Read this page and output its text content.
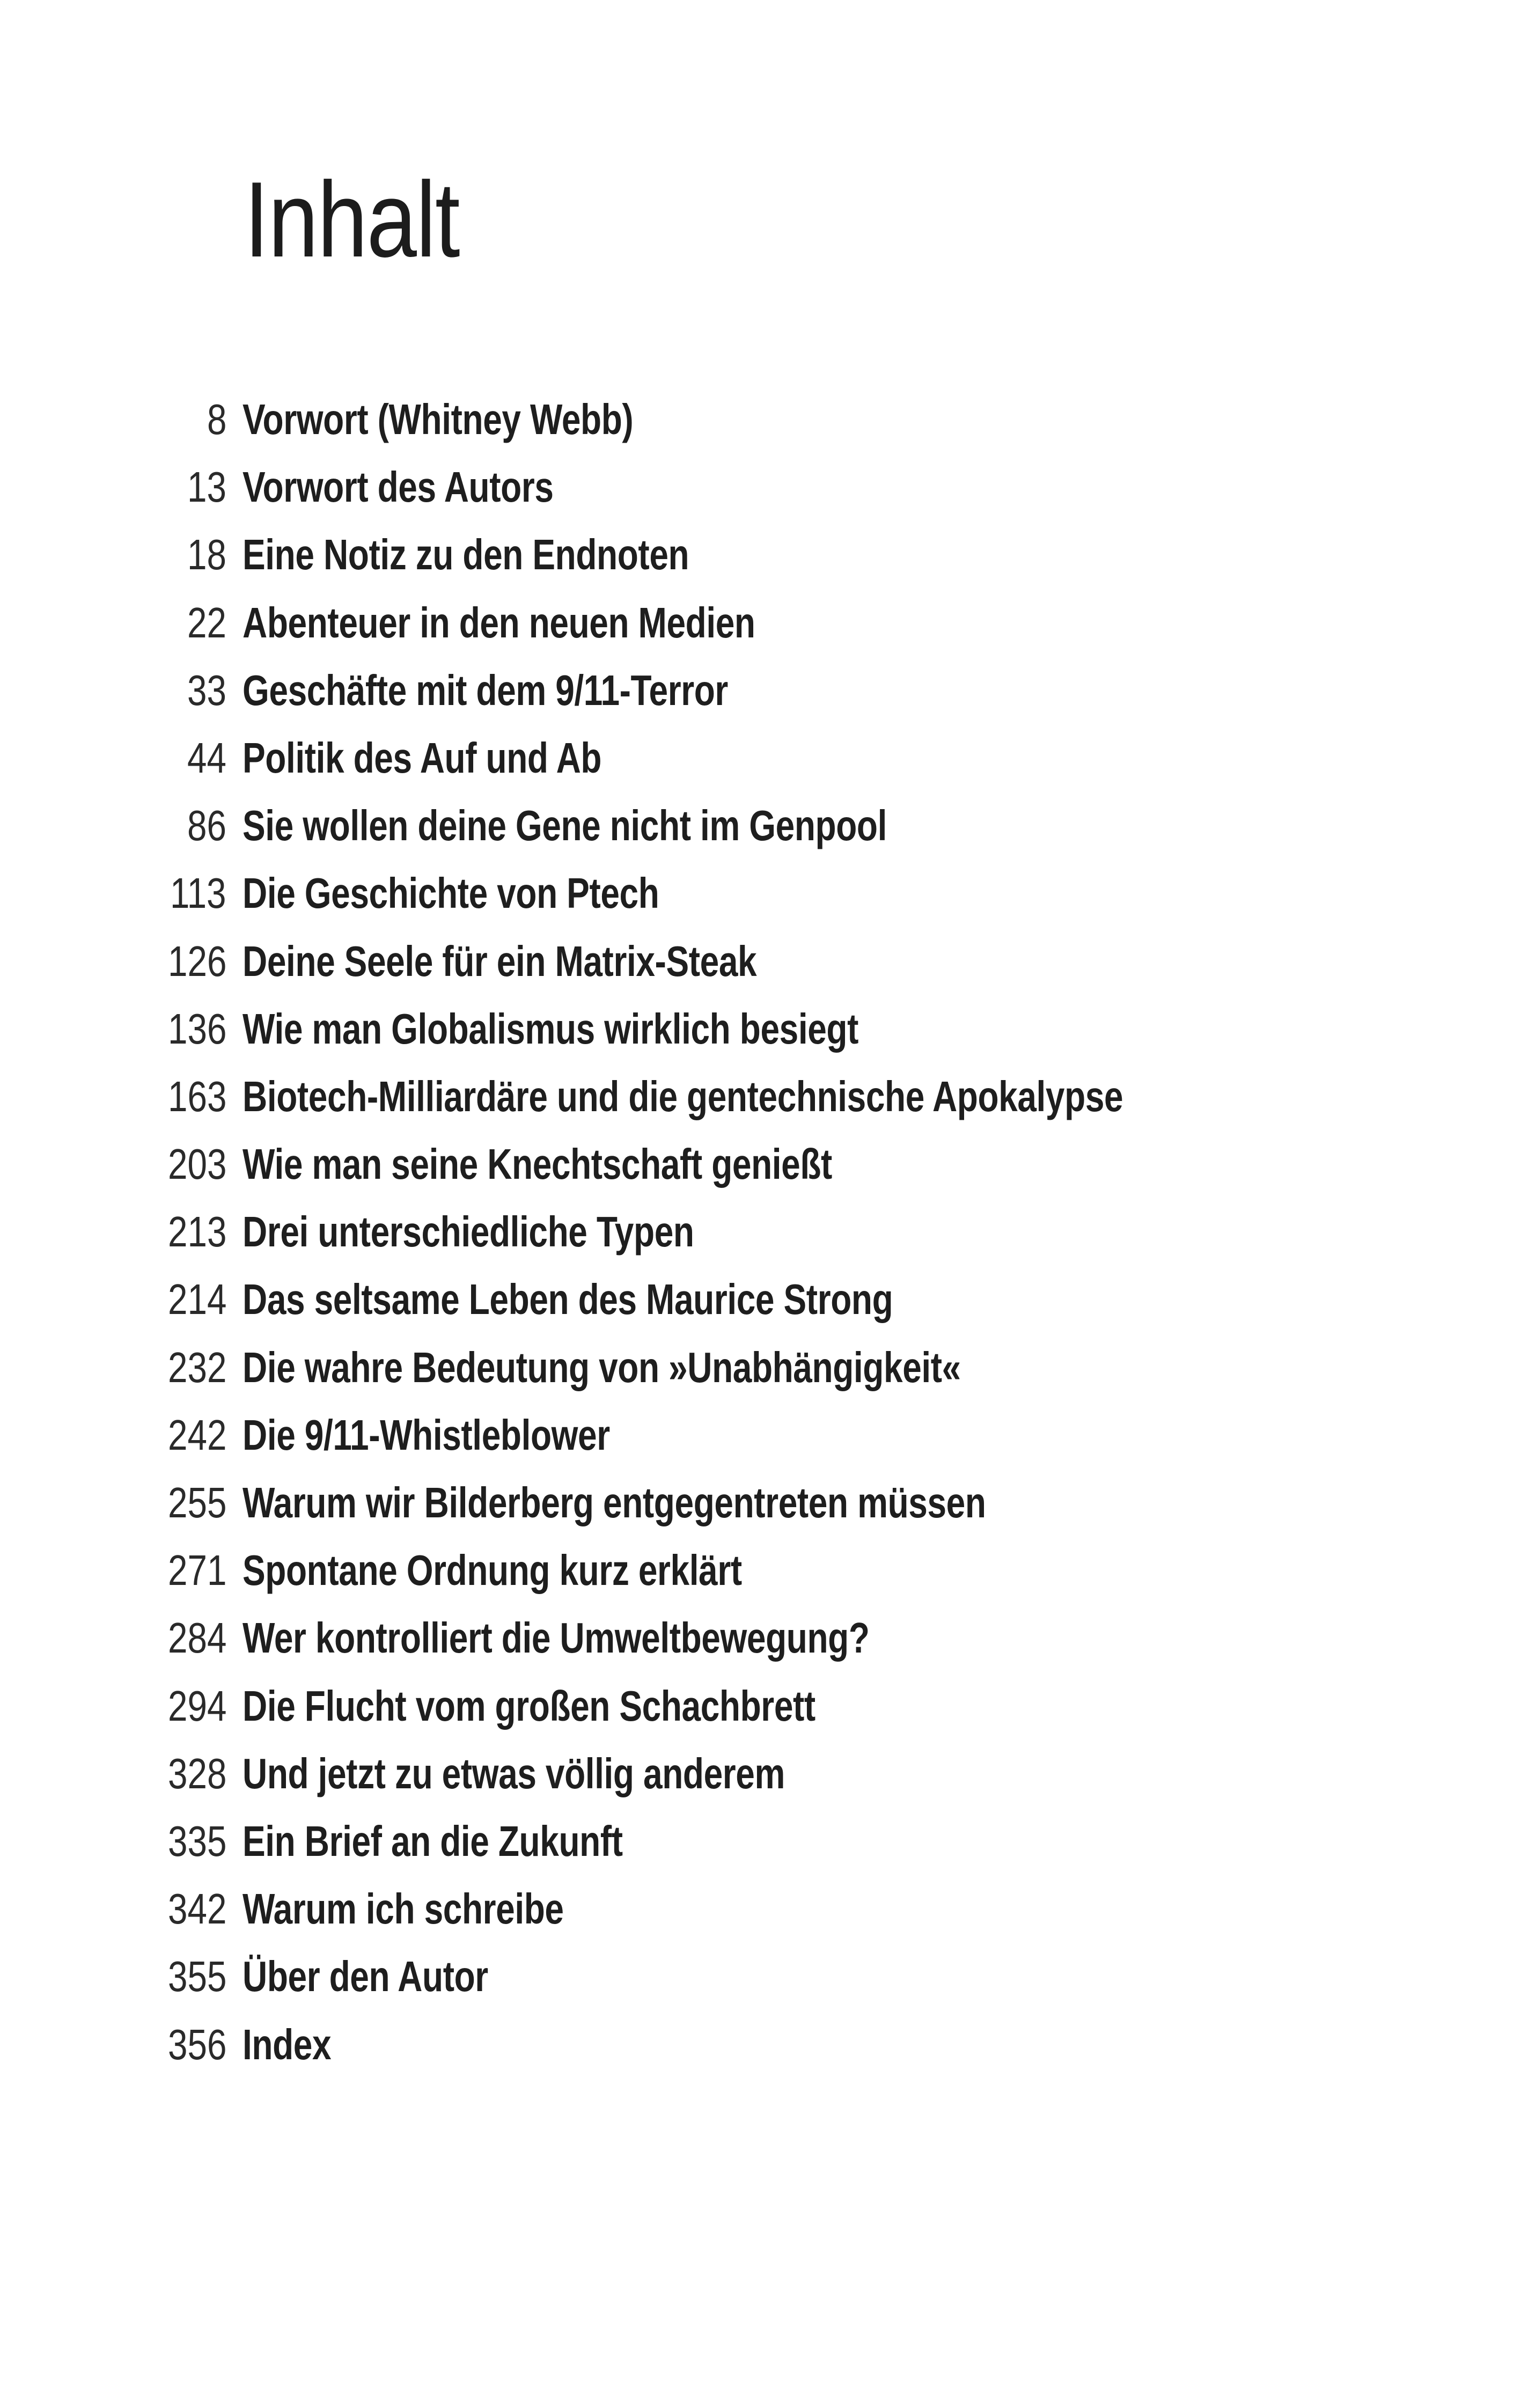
Inhalt
8 Vorwort (Whitney Webb)
13 Vorwort des Autors
18 Eine Notiz zu den Endnoten
22 Abenteuer in den neuen Medien
33 Geschäfte mit dem 9/11-Terror
44 Politik des Auf und Ab
86 Sie wollen deine Gene nicht im Genpool
113 Die Geschichte von Ptech
126 Deine Seele für ein Matrix-Steak
136 Wie man Globalismus wirklich besiegt
163 Biotech-Milliardäre und die gentechnische Apokalypse
203 Wie man seine Knechtschaft genießt
213 Drei unterschiedliche Typen
214 Das seltsame Leben des Maurice Strong
232 Die wahre Bedeutung von »Unabhängigkeit«
242 Die 9/11-Whistleblower
255 Warum wir Bilderberg entgegentreten müssen
271 Spontane Ordnung kurz erklärt
284 Wer kontrolliert die Umweltbewegung?
294 Die Flucht vom großen Schachbrett
328 Und jetzt zu etwas völlig anderem
335 Ein Brief an die Zukunft
342 Warum ich schreibe
355 Über den Autor
356 Index
